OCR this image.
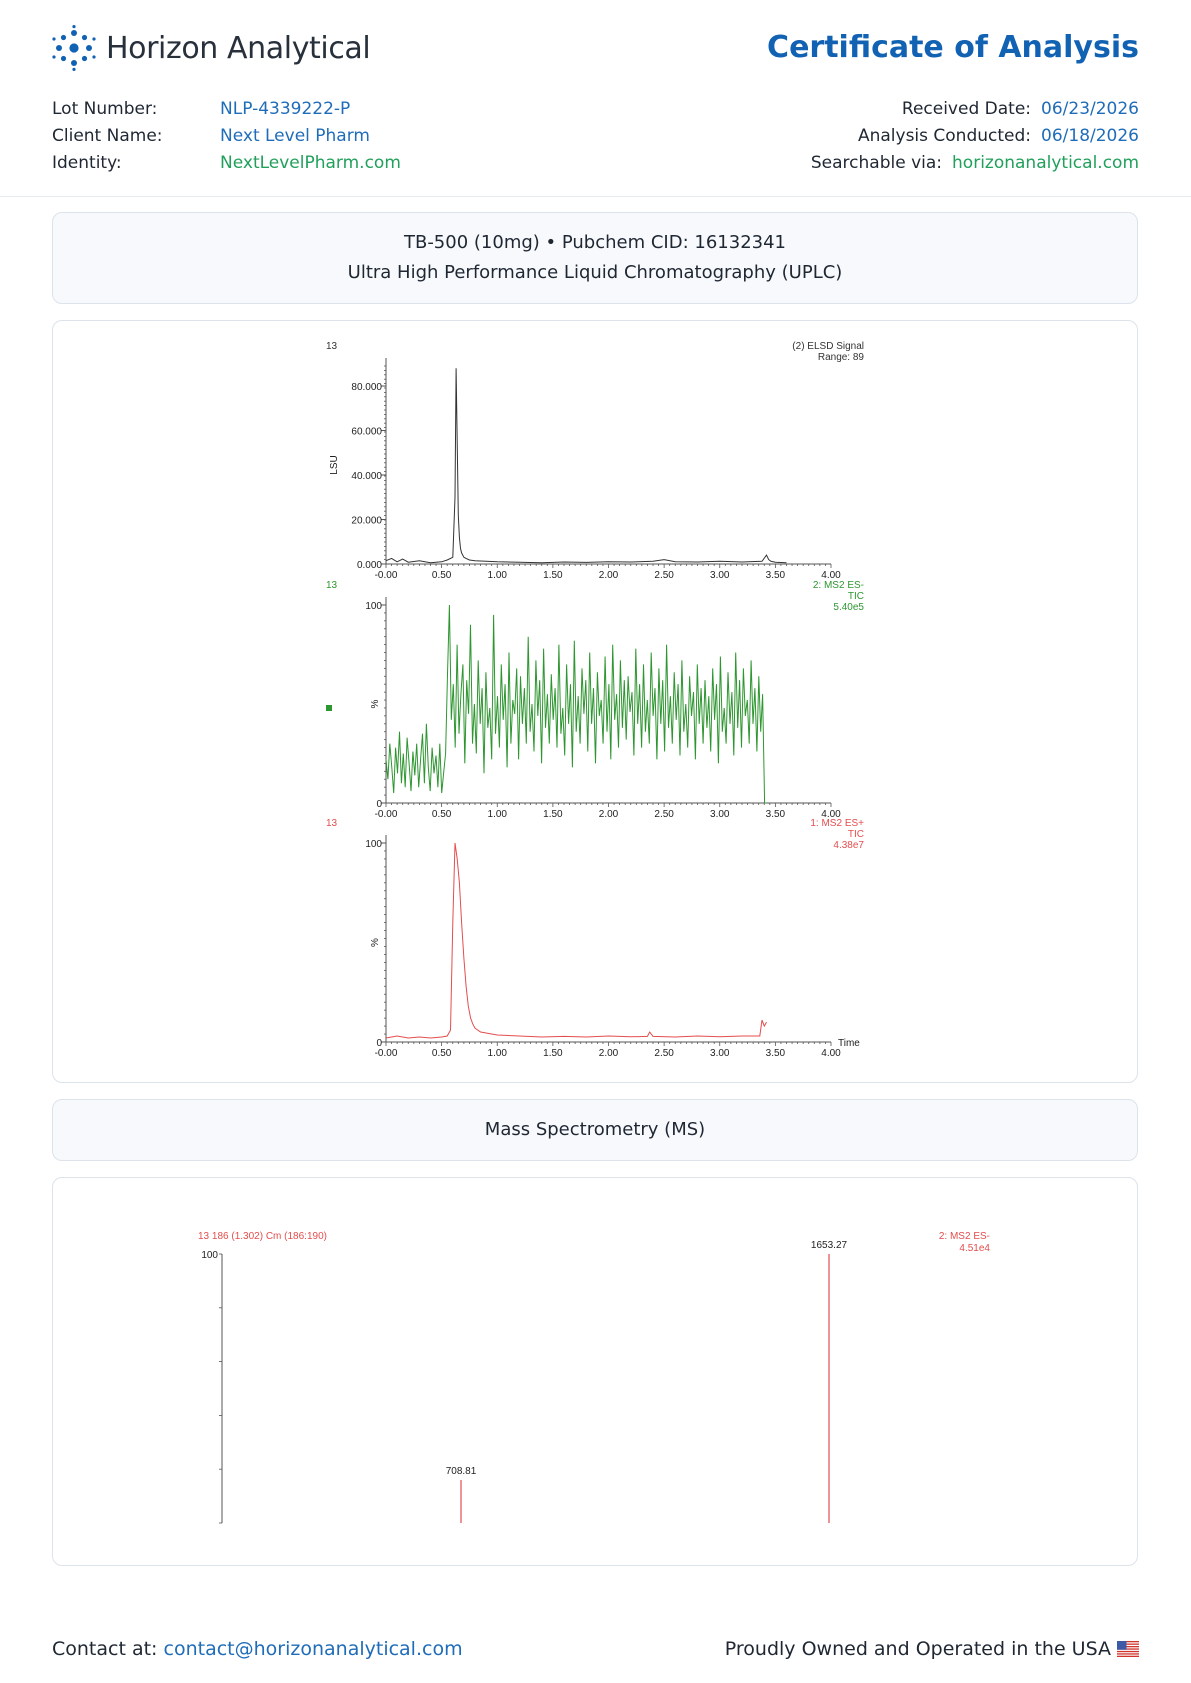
Horizon Analytical	Certificate of Analysis
Lot Number:	NLP-4339222-P
Client Name:	Next Level Pharm
Identity:	NextLevelPharm.com
Received Date: 06/23/2026
Analysis Conducted: 06/18/2026
Searchable via: horizonanalytical.com
TB-500 (10mg) • Pubchem CID: 16132341
Ultra High Performance Liquid Chromatography (UPLC)
Mass Spectrometry (MS)
-0.00	0.50	1.00	1.50	2.00	2.50	3.00	3.50	4.00
0.000
20.000
40.000
60.000
80.000
13
LSU
(2) ELSD Signal
Range: 89
-0.00	0.50	1.00	1.50	2.00	2.50	3.00	3.50	4.00
0
100
13
%
2: MS2 ES-
TIC
5.40e5
-0.00	0.50	1.00	1.50	2.00	2.50	3.00	3.50	4.00
0
100
13
%
1: MS2 ES+
TIC
4.38e7
Time
100
13 186 (1.302) Cm (186:190)	2: MS2 ES-
4.51e4
708.81
1653.27
Contact at: contact@horizonanalytical.com	Proudly Owned and Operated in the USA
